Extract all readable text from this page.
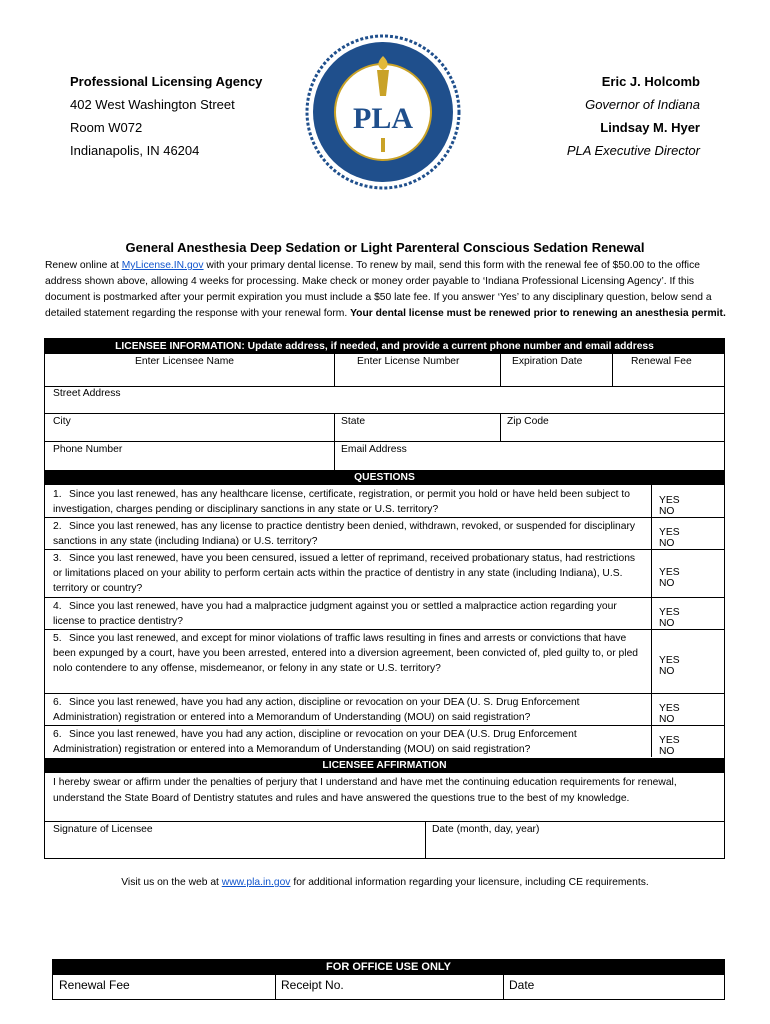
Professional Licensing Agency
402 West Washington Street
Room W072
Indianapolis, IN 46204
PLA
Eric J. Holcomb
Governor of Indiana
Lindsay M. Hyer
PLA Executive Director
General Anesthesia Deep Sedation or Light Parenteral Conscious Sedation Renewal
Renew online at MyLicense.IN.gov with your primary dental license. To renew by mail, send this form with the renewal fee of $50.00 to the office address shown above, allowing 4 weeks for processing. Make check or money order payable to ‘Indiana Professional Licensing Agency’. If this document is postmarked after your permit expiration you must include a $50 late fee. If you answer ‘Yes’ to any disciplinary question, below send a detailed statement regarding the response with your renewal form. Your dental license must be renewed prior to renewing an anesthesia permit.
LICENSEE INFORMATION: Update address, if needed, and provide a current phone number and email address
Enter Licensee Name	Enter License Number	Expiration Date	Renewal Fee
Street Address
City	State	Zip Code
Phone Number	Email Address
QUESTIONS
1. Since you last renewed, has any healthcare license, certificate, registration, or permit you hold or have held been subject to investigation, charges pending or disciplinary sanctions in any state or U.S. territory?
YESNO
2. Since you last renewed, has any license to practice dentistry been denied, withdrawn, revoked, or suspended for disciplinary sanctions in any state (including Indiana) or U.S. territory?
YESNO
3. Since you last renewed, have you been censured, issued a letter of reprimand, received probationary status, had restrictions or limitations placed on your ability to perform certain acts within the practice of dentistry in any state (including Indiana), U.S. territory or country?
YESNO
4. Since you last renewed, have you had a malpractice judgment against you or settled a malpractice action regarding your license to practice dentistry?
YESNO
5. Since you last renewed, and except for minor violations of traffic laws resulting in fines and arrests or convictions that have been expunged by a court, have you been arrested, entered into a diversion agreement, been convicted of, pled guilty to, or pled nolo contendere to any offense, misdemeanor, or felony in any state or U.S. territory?
YESNO
6. Since you last renewed, have you had any action, discipline or revocation on your DEA (U. S. Drug Enforcement Administration) registration or entered into a Memorandum of Understanding (MOU) on said registration?
YESNO
6. Since you last renewed, have you had any action, discipline or revocation on your DEA (U.S. Drug Enforcement Administration) registration or entered into a Memorandum of Understanding (MOU) on said registration?
YESNO
LICENSEE AFFIRMATION
I hereby swear or affirm under the penalties of perjury that I understand and have met the continuing education requirements for renewal, understand the State Board of Dentistry statutes and rules and have answered the questions true to the best of my knowledge.
Signature of Licensee	Date (month, day, year)
Visit us on the web at www.pla.in.gov for additional information regarding your licensure, including CE requirements.
FOR OFFICE USE ONLY
Renewal Fee	Receipt No.	Date
